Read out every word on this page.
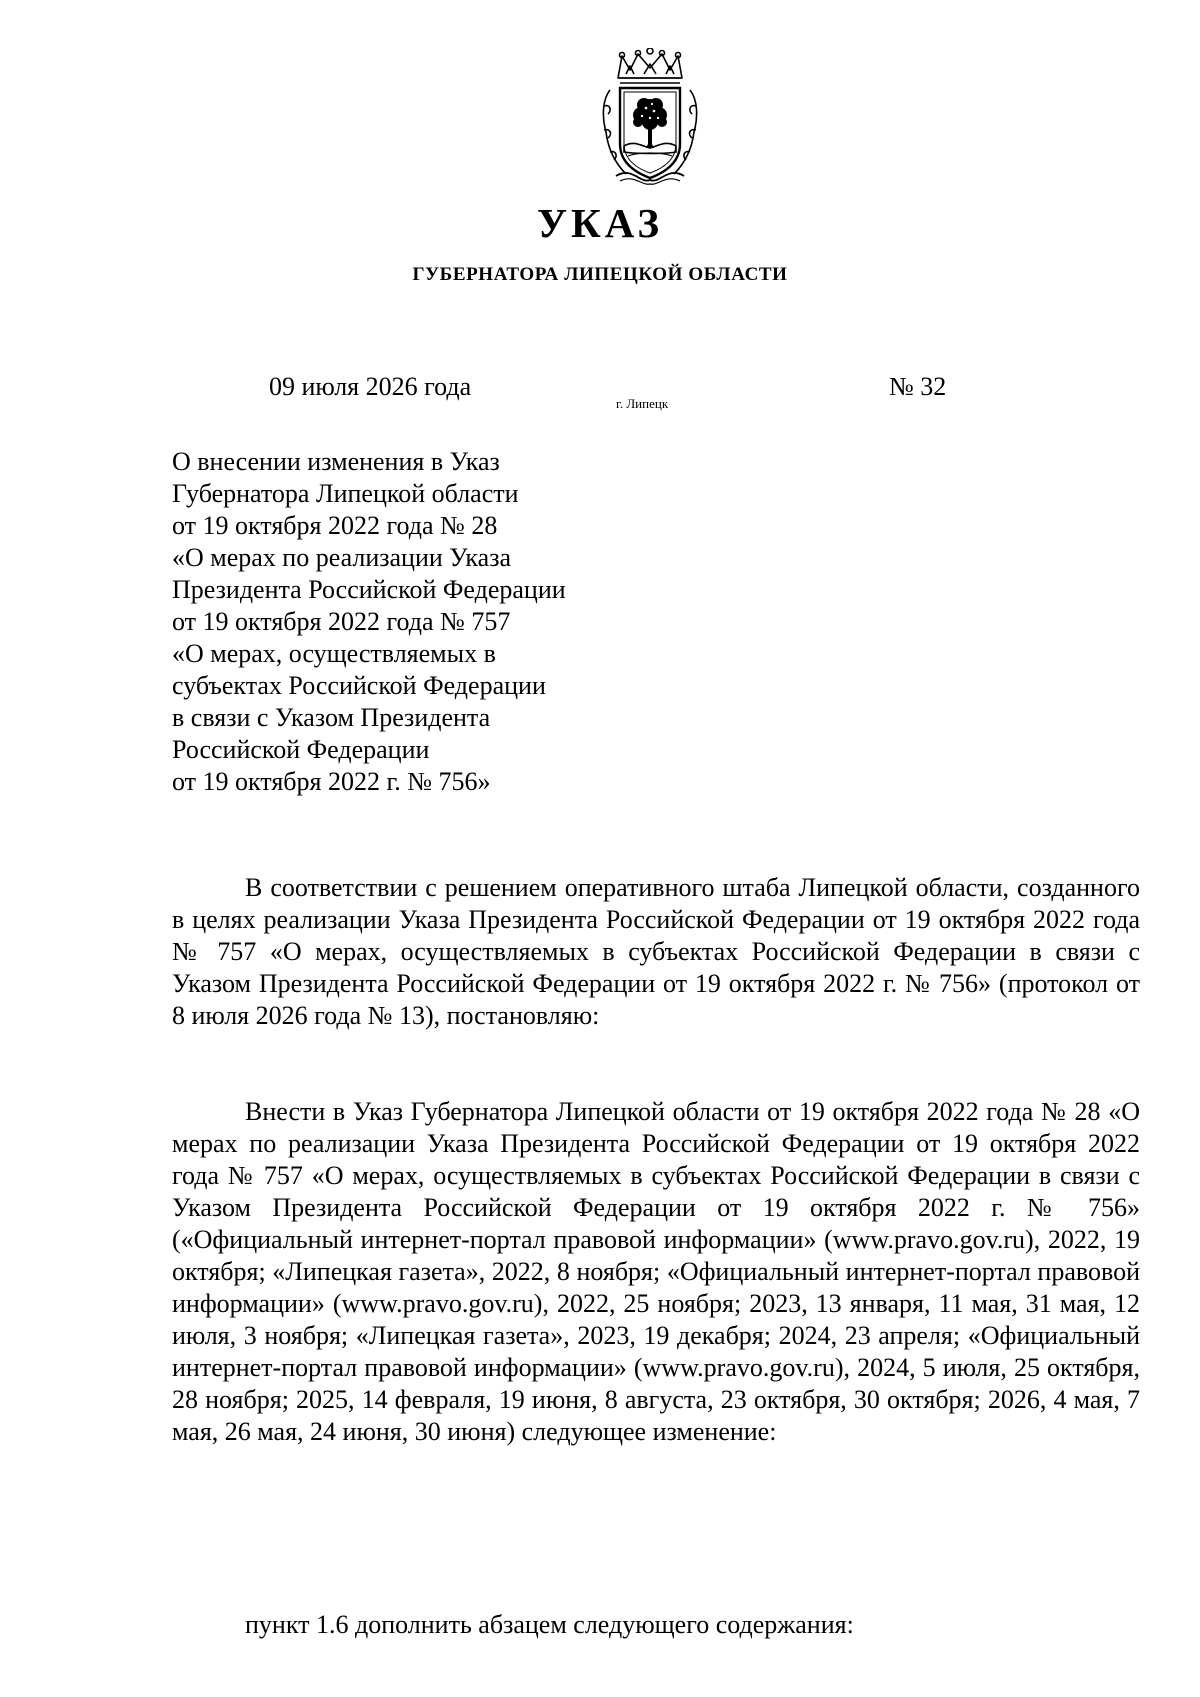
УКАЗ
ГУБЕРНАТОРА ЛИПЕЦКОЙ ОБЛАСТИ
09 июля 2026 года
г. Липецк
№ 32
О внесении изменения в Указ
Губернатора Липецкой области
от 19 октября 2022 года № 28
«О мерах по реализации Указа
Президента Российской Федерации
от 19 октября 2022 года № 757
«О мерах, осуществляемых в
субъектах Российской Федерации
в связи с Указом Президента
Российской Федерации
от 19 октября 2022 г. № 756»

В соответствии с решением оперативного штаба Липецкой области, созданного в целях реализации Указа Президента Российской Федерации от 19 октября 2022 года № 757 «О мерах, осуществляемых в субъектах Российской Федерации в связи с Указом Президента Российской Федерации от 19 октября 2022 г. № 756» (протокол от 8 июля 2026 года № 13), постановляю:

Внести в Указ Губернатора Липецкой области от 19 октября 2022 года № 28 «О мерах по реализации Указа Президента Российской Федерации от 19 октября 2022 года № 757 «О мерах, осуществляемых в субъектах Российской Федерации в связи с Указом Президента Российской Федерации от 19 октября 2022 г. № 756» («Официальный интернет-портал правовой информации» (www.pravo.gov.ru), 2022, 19 октября; «Липецкая газета», 2022, 8 ноября; «Официальный интернет-портал правовой информации» (www.pravo.gov.ru), 2022, 25 ноября; 2023, 13 января, 11 мая, 31 мая, 12 июля, 3 ноября; «Липецкая газета», 2023, 19 декабря; 2024, 23 апреля; «Официальный интернет-портал правовой информации» (www.pravo.gov.ru), 2024, 5 июля, 25 октября, 28 ноября; 2025, 14 февраля, 19 июня, 8 августа, 23 октября, 30 октября; 2026, 4 мая, 7 мая, 26 мая, 24 июня, 30 июня) следующее изменение:

пункт 1.6 дополнить абзацем следующего содержания:
